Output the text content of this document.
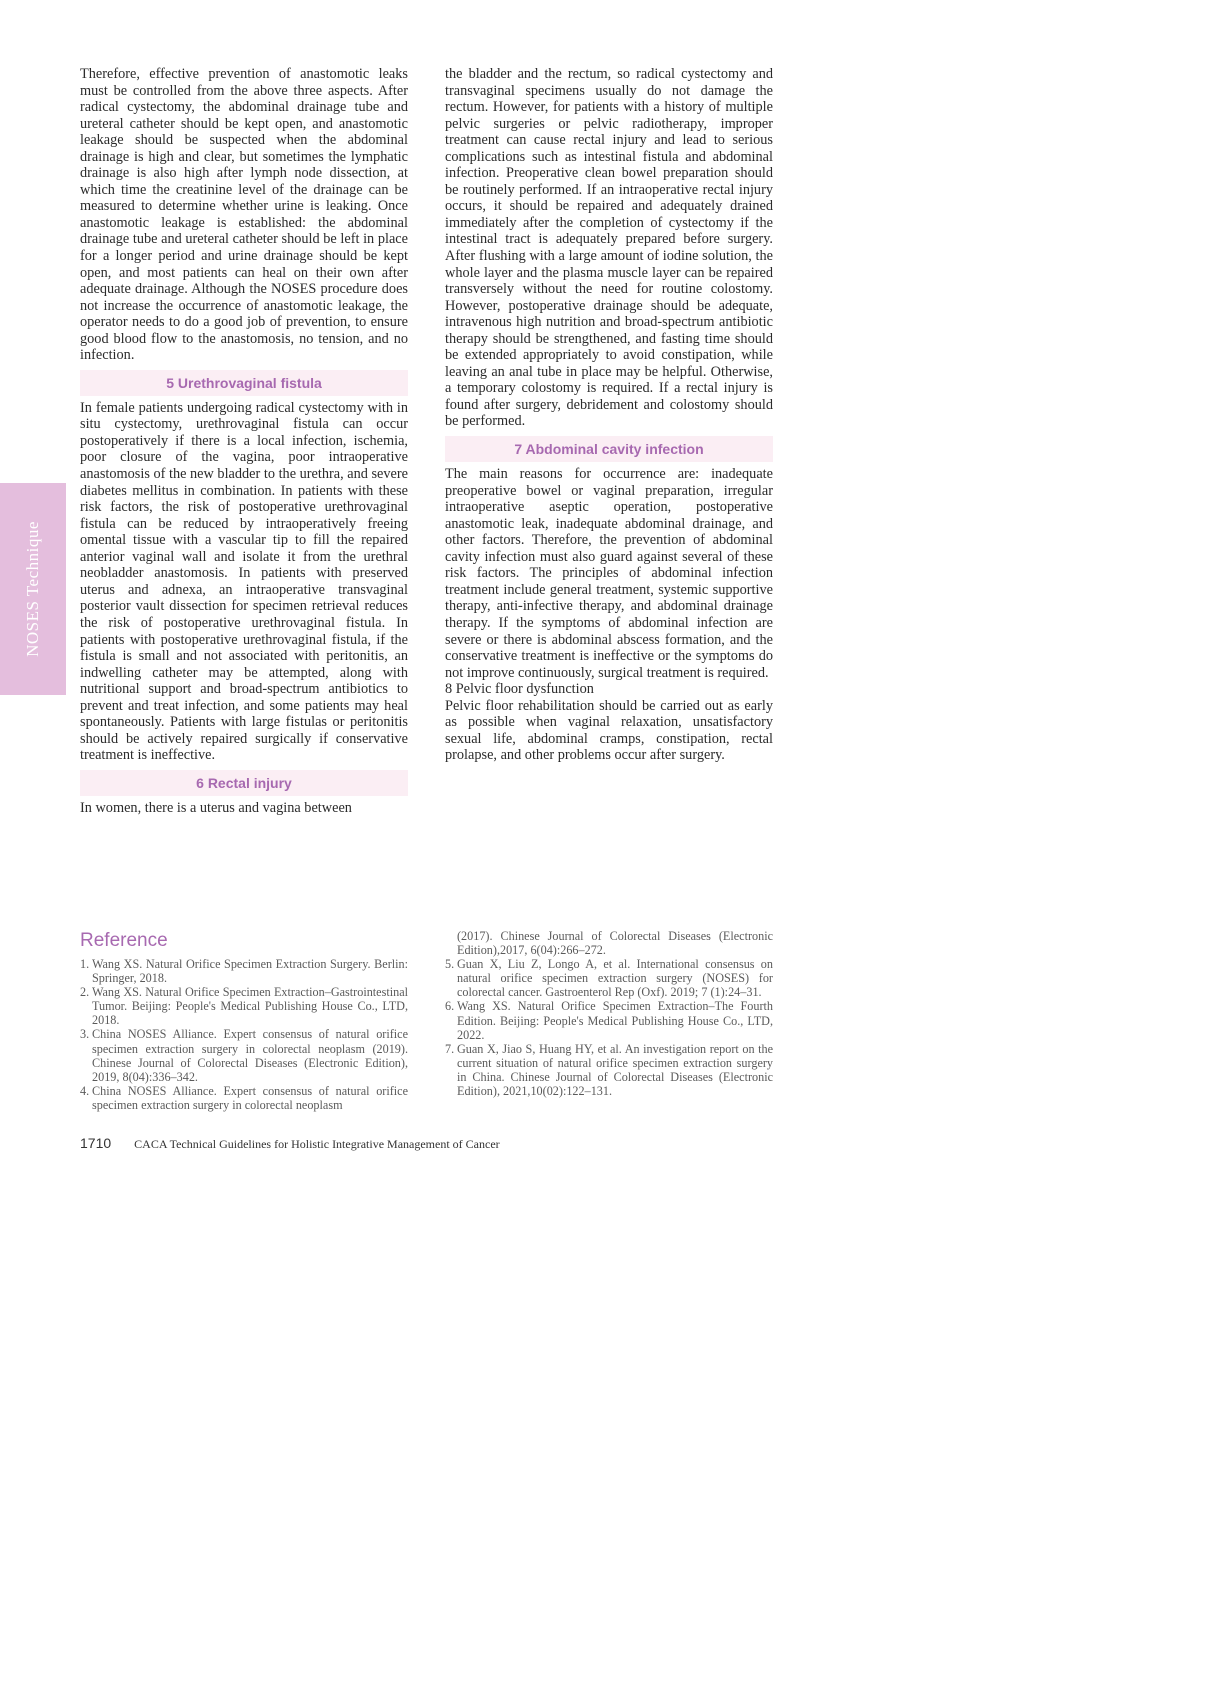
NOSES Technique

Therefore, effective prevention of anastomotic leaks must be controlled from the above three aspects. After radical cystectomy, the abdominal drainage tube and ureteral catheter should be kept open, and anastomotic leakage should be suspected when the abdominal drainage is high and clear, but sometimes the lymphatic drainage is also high after lymph node dissection, at which time the creatinine level of the drainage can be measured to determine whether urine is leaking. Once anastomotic leakage is established: the abdominal drainage tube and ureteral catheter should be left in place for a longer period and urine drainage should be kept open, and most patients can heal on their own after adequate drainage. Although the NOSES procedure does not increase the occurrence of anastomotic leakage, the operator needs to do a good job of prevention, to ensure good blood flow to the anastomosis, no tension, and no infection.

5 Urethrovaginal fistula

In female patients undergoing radical cystectomy with in situ cystectomy, urethrovaginal fistula can occur postoperatively if there is a local infection, ischemia, poor closure of the vagina, poor intraoperative anastomosis of the new bladder to the urethra, and severe diabetes mellitus in combination. In patients with these risk factors, the risk of postoperative urethrovaginal fistula can be reduced by intraoperatively freeing omental tissue with a vascular tip to fill the repaired anterior vaginal wall and isolate it from the urethral neobladder anastomosis. In patients with preserved uterus and adnexa, an intraoperative transvaginal posterior vault dissection for specimen retrieval reduces the risk of postoperative urethrovaginal fistula. In patients with postoperative urethrovaginal fistula, if the fistula is small and not associated with peritonitis, an indwelling catheter may be attempted, along with nutritional support and broad-spectrum antibiotics to prevent and treat infection, and some patients may heal spontaneously. Patients with large fistulas or peritonitis should be actively repaired surgically if conservative treatment is ineffective.

6 Rectal injury

In women, there is a uterus and vagina between

the bladder and the rectum, so radical cystectomy and transvaginal specimens usually do not damage the rectum. However, for patients with a history of multiple pelvic surgeries or pelvic radiotherapy, improper treatment can cause rectal injury and lead to serious complications such as intestinal fistula and abdominal infection. Preoperative clean bowel preparation should be routinely performed. If an intraoperative rectal injury occurs, it should be repaired and adequately drained immediately after the completion of cystectomy if the intestinal tract is adequately prepared before surgery. After flushing with a large amount of iodine solution, the whole layer and the plasma muscle layer can be repaired transversely without the need for routine colostomy. However, postoperative drainage should be adequate, intravenous high nutrition and broad-spectrum antibiotic therapy should be strengthened, and fasting time should be extended appropriately to avoid constipation, while leaving an anal tube in place may be helpful. Otherwise, a temporary colostomy is required. If a rectal injury is found after surgery, debridement and colostomy should be performed.

7 Abdominal cavity infection

The main reasons for occurrence are: inadequate preoperative bowel or vaginal preparation, irregular intraoperative aseptic operation, postoperative anastomotic leak, inadequate abdominal drainage, and other factors. Therefore, the prevention of abdominal cavity infection must also guard against several of these risk factors. The principles of abdominal infection treatment include general treatment, systemic supportive therapy, anti-infective therapy, and abdominal drainage therapy. If the symptoms of abdominal infection are severe or there is abdominal abscess formation, and the conservative treatment is ineffective or the symptoms do not improve continuously, surgical treatment is required.

8 Pelvic floor dysfunction

Pelvic floor rehabilitation should be carried out as early as possible when vaginal relaxation, unsatisfactory sexual life, abdominal cramps, constipation, rectal prolapse, and other problems occur after surgery.

Reference
1. Wang XS. Natural Orifice Specimen Extraction Surgery. Berlin: Springer, 2018.
2. Wang XS. Natural Orifice Specimen Extraction–Gastrointestinal Tumor. Beijing: People's Medical Publishing House Co., LTD, 2018.
3. China NOSES Alliance. Expert consensus of natural orifice specimen extraction surgery in colorectal neoplasm (2019). Chinese Journal of Colorectal Diseases (Electronic Edition), 2019, 8(04):336–342.
4. China NOSES Alliance. Expert consensus of natural orifice specimen extraction surgery in colorectal neoplasm

(2017). Chinese Journal of Colorectal Diseases (Electronic Edition),2017, 6(04):266–272.

5. Guan X, Liu Z, Longo A, et al. International consensus on natural orifice specimen extraction surgery (NOSES) for colorectal cancer. Gastroenterol Rep (Oxf). 2019; 7 (1):24–31.
6. Wang XS. Natural Orifice Specimen Extraction–The Fourth Edition. Beijing: People's Medical Publishing House Co., LTD, 2022.
7. Guan X, Jiao S, Huang HY, et al. An investigation report on the current situation of natural orifice specimen extraction surgery in China. Chinese Journal of Colorectal Diseases (Electronic Edition), 2021,10(02):122–131.
1710 CACA Technical Guidelines for Holistic Integrative Management of Cancer
